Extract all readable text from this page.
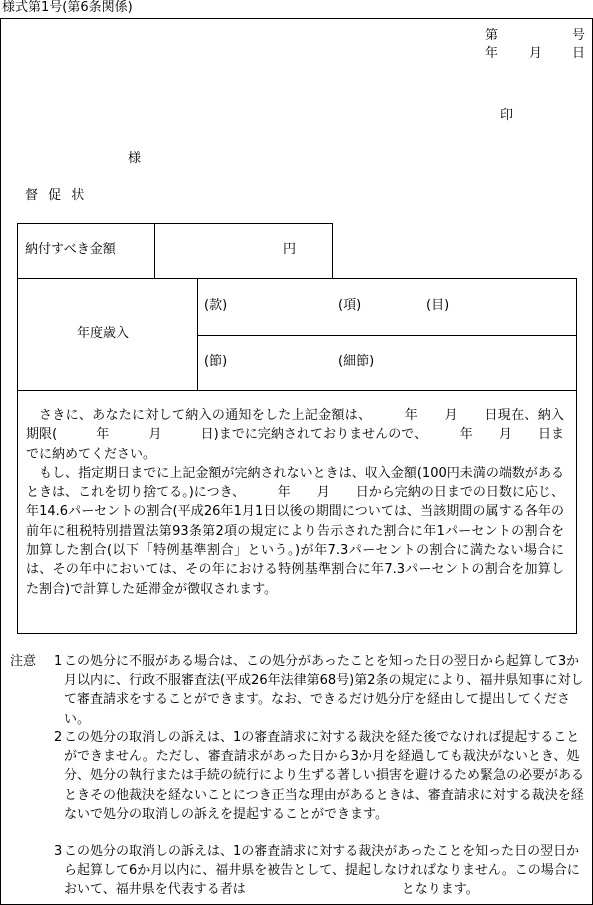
様式第1号(第6条関係)
第	号
年 月 日
印
様
督 促 状
納付すべき金額	円
年度歳入
(款)	(項)	(目)
(節)	(細節)

さきに、あなたに対して納入の通知をした上記金額は、　　　年　　月　　日現在、納入期限(　　　年　　　月　　　日)までに完納されておりませんので、　　　年　　月　　日までに納めてください。

もし、指定期日までに上記金額が完納されないときは、収入金額(100円未満の端数があるときは、これを切り捨てる。)につき、　　　年　　月　　日から完納の日までの日数に応じ、年14.6パーセントの割合(平成26年1月1日以後の期間については、当該期間の属する各年の前年に租税特別措置法第93条第2項の規定により告示された割合に年1パーセントの割合を加算した割合(以下「特例基準割合」という。)が年7.3パーセントの割合に満たない場合には、その年中においては、その年における特例基準割合に年7.3パーセントの割合を加算した割合)で計算した延滞金が徴収されます。

注意 1 この処分に不服がある場合は、この処分があったことを知った日の翌日から起算して3か月以内に、行政不服審査法(平成26年法律第68号)第2条の規定により、福井県知事に対して審査請求をすることができます。なお、できるだけ処分庁を経由して提出してください。
2 この処分の取消しの訴えは、1の審査請求に対する裁決を経た後でなければ提起することができません。ただし、審査請求があった日から3か月を経過しても裁決がないとき、処分、処分の執行または手続の続行により生ずる著しい損害を避けるため緊急の必要があるときその他裁決を経ないことにつき正当な理由があるときは、審査請求に対する裁決を経ないで処分の取消しの訴えを提起することができます。
3 この処分の取消しの訴えは、1の審査請求に対する裁決があったことを知った日の翌日から起算して6か月以内に、福井県を被告として、提起しなければなりません。この場合において、福井県を代表する者は　　　　　　　　　　　　となります。
